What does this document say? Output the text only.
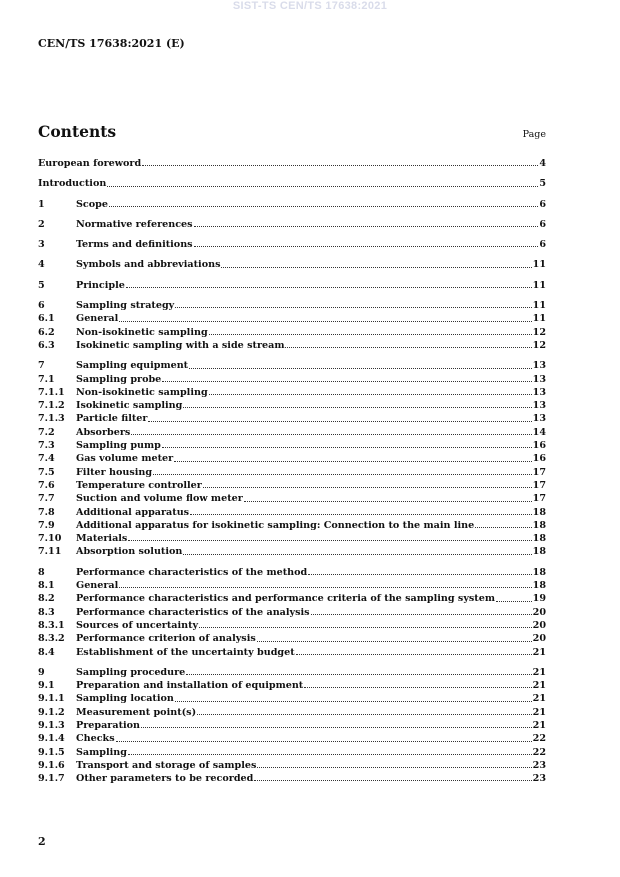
SIST-TS CEN/TS 17638:2021
CEN/TS 17638:2021 (E)
Contents	Page
European foreword	4
Introduction	5
1	Scope	6
2	Normative references	6
3	Terms and definitions	6
4	Symbols and abbreviations	11
5	Principle	11
6	Sampling strategy	11
6.1	General	11
6.2	Non-isokinetic sampling	12
6.3	Isokinetic sampling with a side stream	12
7	Sampling equipment	13
7.1	Sampling probe	13
7.1.1	Non-isokinetic sampling	13
7.1.2	Isokinetic sampling	13
7.1.3	Particle filter	13
7.2	Absorbers	14
7.3	Sampling pump	16
7.4	Gas volume meter	16
7.5	Filter housing	17
7.6	Temperature controller	17
7.7	Suction and volume flow meter	17
7.8	Additional apparatus	18
7.9	Additional apparatus for isokinetic sampling: Connection to the main line	18
7.10	Materials	18
7.11	Absorption solution	18
8	Performance characteristics of the method	18
8.1	General	18
8.2	Performance characteristics and performance criteria of the sampling system	19
8.3	Performance characteristics of the analysis	20
8.3.1	Sources of uncertainty	20
8.3.2	Performance criterion of analysis	20
8.4	Establishment of the uncertainty budget	21
9	Sampling procedure	21
9.1	Preparation and installation of equipment	21
9.1.1	Sampling location	21
9.1.2	Measurement point(s)	21
9.1.3	Preparation	21
9.1.4	Checks	22
9.1.5	Sampling	22
9.1.6	Transport and storage of samples	23
9.1.7	Other parameters to be recorded	23
2
